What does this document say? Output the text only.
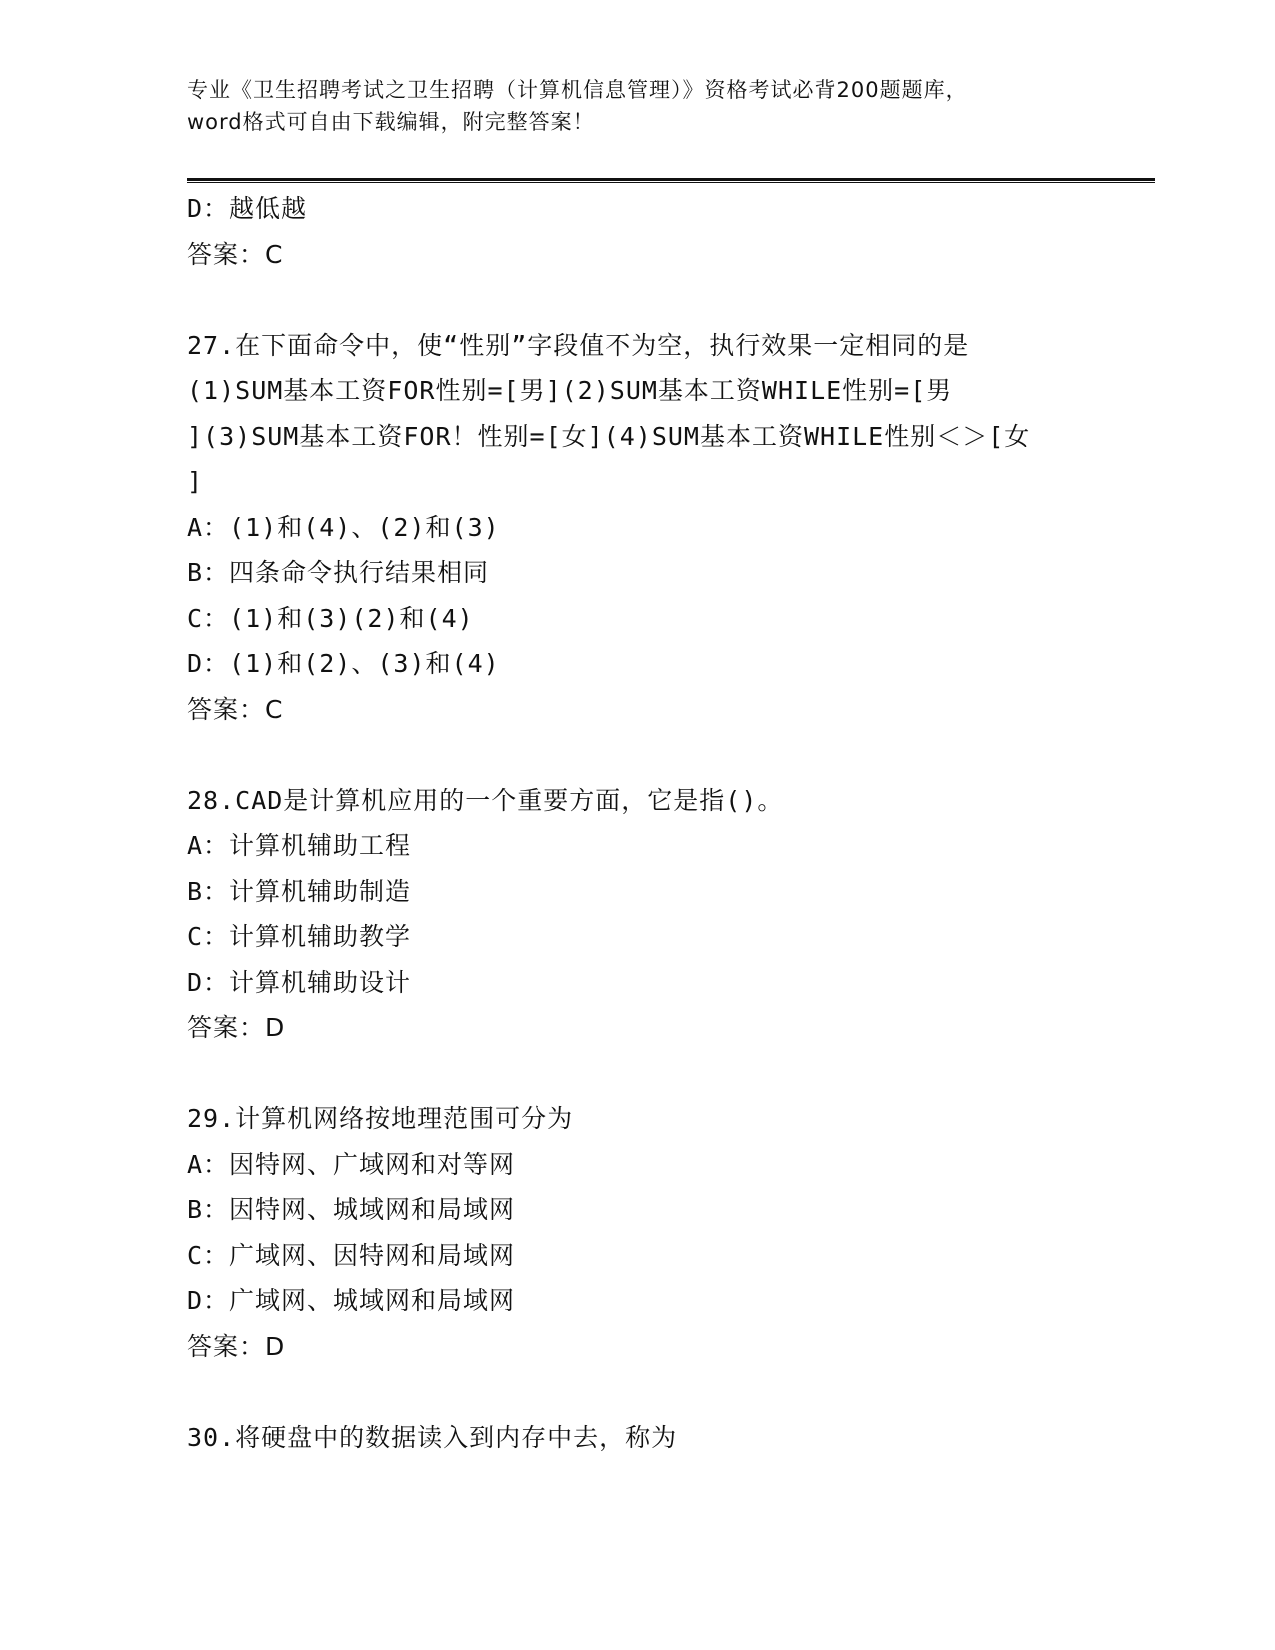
专业《卫生招聘考试之卫生招聘（计算机信息管理）》资格考试必背200题题库，
word格式可自由下载编辑，附完整答案！
D：越低越
答案：C
27.在下面命令中，使“性别”字段值不为空，执行效果一定相同的是
(1)SUM基本工资FOR性别=[男](2)SUM基本工资WHILE性别=[男
](3)SUM基本工资FOR！性别=[女](4)SUM基本工资WHILE性别＜＞[女
]
A：(1)和(4)、(2)和(3)
B：四条命令执行结果相同
C：(1)和(3)(2)和(4)
D：(1)和(2)、(3)和(4)
答案：C
28.CAD是计算机应用的一个重要方面，它是指()。
A：计算机辅助工程
B：计算机辅助制造
C：计算机辅助教学
D：计算机辅助设计
答案：D
29.计算机网络按地理范围可分为
A：因特网、广域网和对等网
B：因特网、城域网和局域网
C：广域网、因特网和局域网
D：广域网、城域网和局域网
答案：D
30.将硬盘中的数据读入到内存中去，称为
